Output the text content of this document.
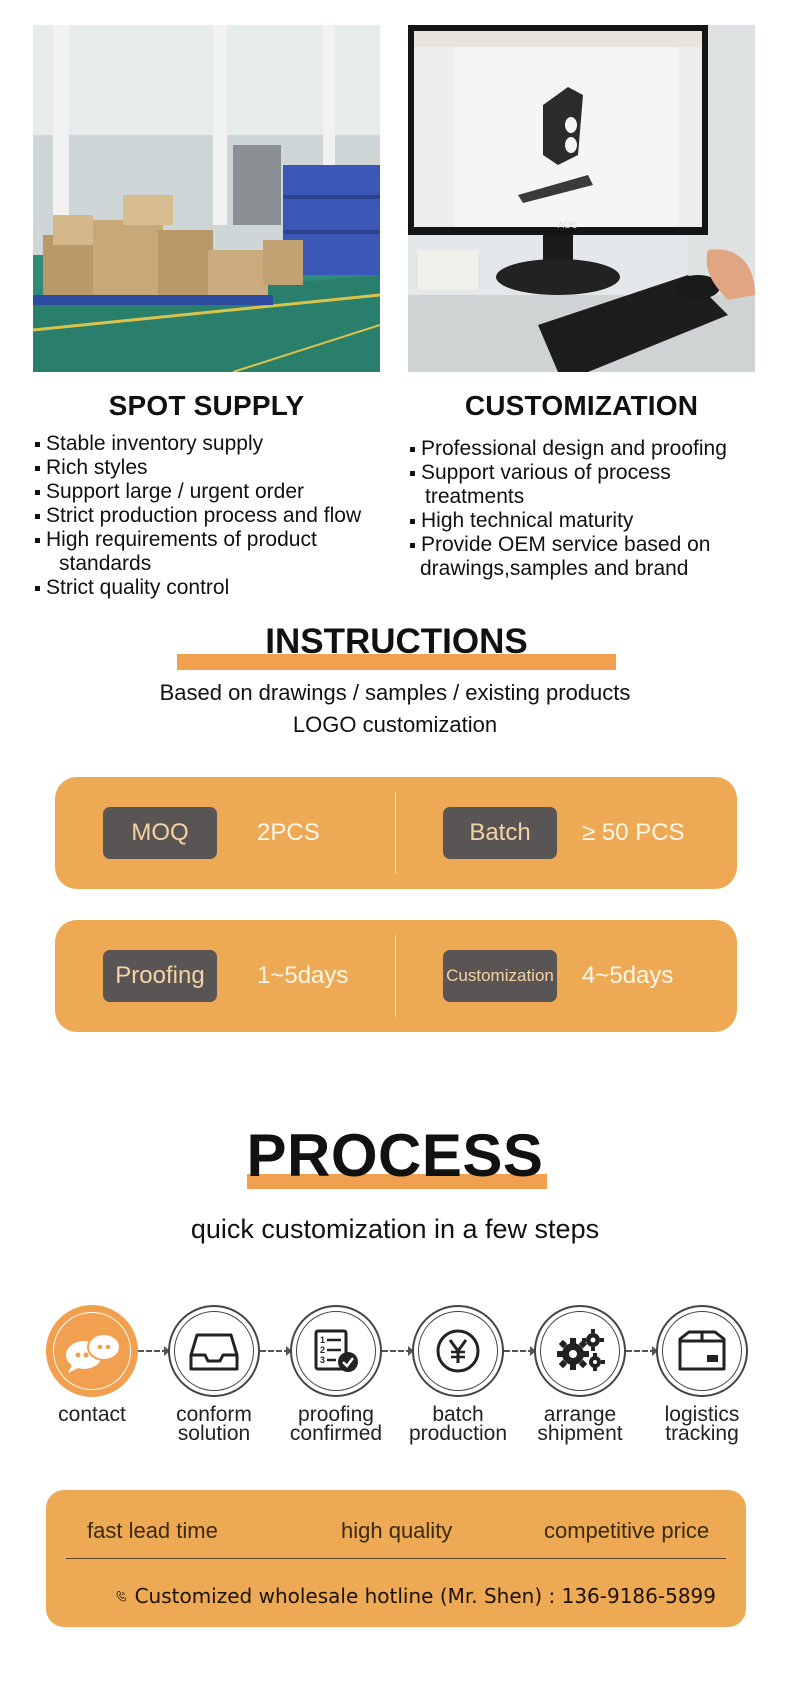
AOC
SPOT SUPPLY	CUSTOMIZATION
Stable inventory supply
Rich styles
Support large / urgent order
Strict production process and flow
High requirements of product
standards
Strict quality control
Professional design and proofing
Support various of process
treatments
High technical maturity
Provide OEM service based on
drawings,samples and brand
INSTRUCTIONS
Based on drawings / samples / existing products
LOGO customization
MOQ	2PCS	Batch	≥ 50 PCS
Proofing	1~5days	Customization 4~5days
PROCESS
quick customization in a few steps
contact	conform
solution
1
2
3
proofing
confirmed
batch
production
arrange
shipment
logistics
tracking
fast lead time	high quality	competitive price
Customized wholesale hotline (Mr. Shen) : 136-9186-5899
